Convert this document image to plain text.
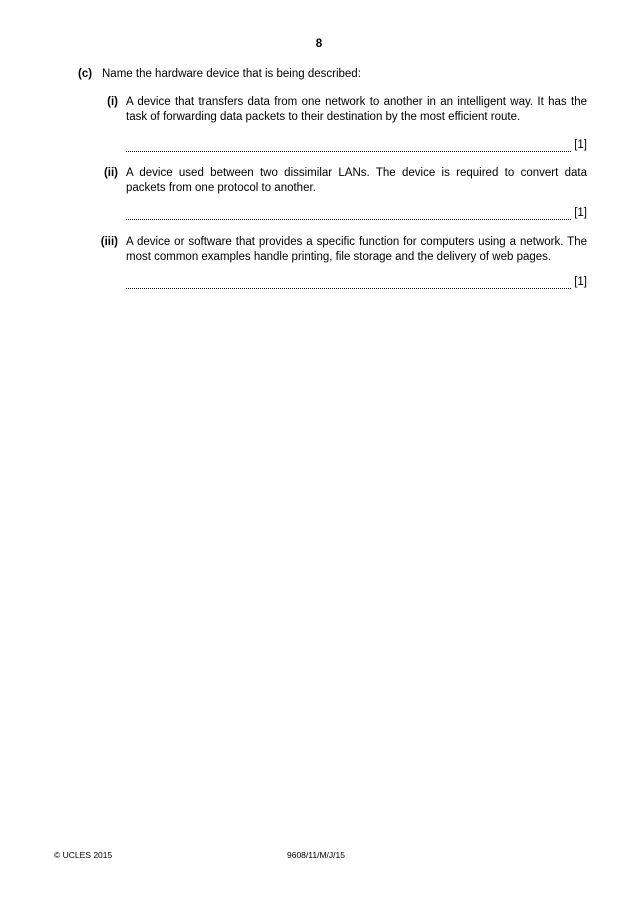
8
(c) Name the hardware device that is being described:
(i) A device that transfers data from one network to another in an intelligent way. It has the task of forwarding data packets to their destination by the most efficient route.
[1]
(ii) A device used between two dissimilar LANs. The device is required to convert data packets from one protocol to another.
[1]
(iii) A device or software that provides a specific function for computers using a network. The most common examples handle printing, file storage and the delivery of web pages.
[1]
© UCLES 2015	9608/11/M/J/15
